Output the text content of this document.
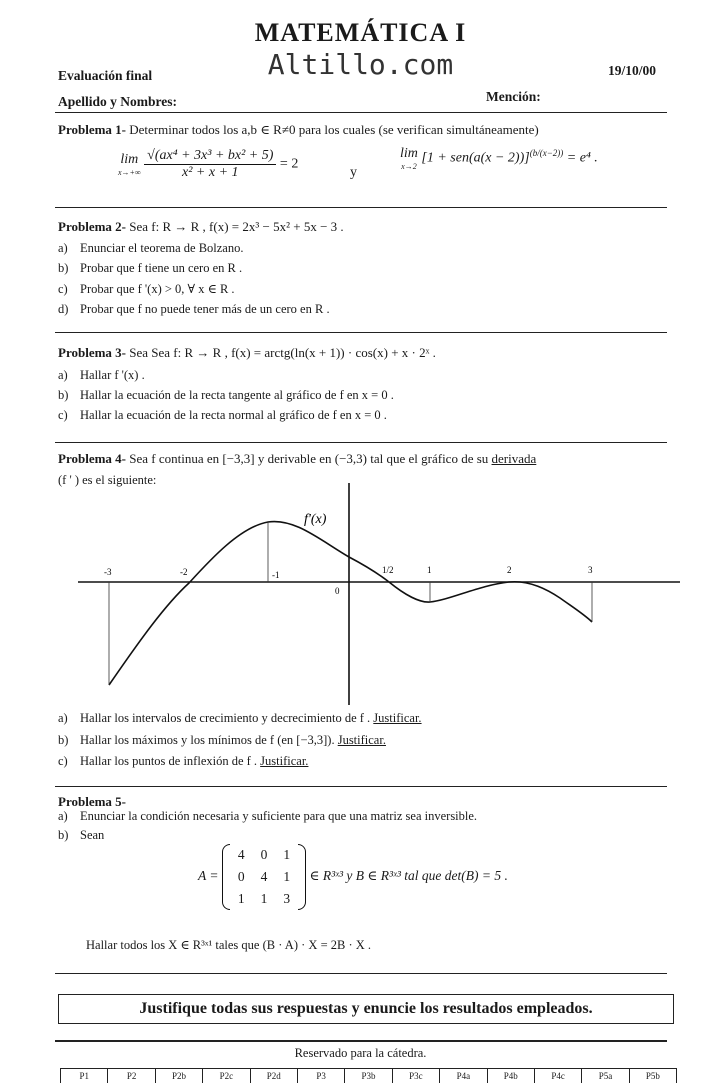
MATEMÁTICA I
Altillo.com
Evaluación final	19/10/00
Apellido y Nombres:	Mención:
Problema 1- Determinar todos los a,b ∈ R≠0 para los cuales (se verifican simultáneamente)
lim
x→+∞
$\frac{\text{√(ax⁴ + 3x³ + bx² + 5)}}{\text{x² + x + 1}} = 2$
y
lim
x→2
$[1 + sen(a(x - 2))]^{(b/(x-2))} = e^4$ .
Problema 2- Sea f: R → R , f(x) = 2x³ − 5x² + 5x − 3 .
a) Enunciar el teorema de Bolzano.
b) Probar que f tiene un cero en R .
c) Probar que f '(x) > 0, ∀ x ∈ R .
d) Probar que f no puede tener más de un cero en R .
Problema 3- Sea Sea f: R → R , f(x) = arctg(ln(x + 1)) · cos(x) + x · 2ˣ .
a) Hallar f '(x) .
b) Hallar la ecuación de la recta tangente al gráfico de f en x = 0 .
c) Hallar la ecuación de la recta normal al gráfico de f en x = 0 .
Problema 4- Sea f continua en [−3,3] y derivable en (−3,3) tal que el gráfico de su derivada
(f ' ) es el siguiente:
f'(x)
0
-3	-2	-1	1/2	1	2	3
a) Hallar los intervalos de crecimiento y decrecimiento de f . Justificar.
b) Hallar los máximos y los mínimos de f (en [−3,3]). Justificar.
c) Hallar los puntos de inflexión de f . Justificar.
Problema 5-
a) Enunciar la condición necesaria y suficiente para que una matriz sea inversible.
b) Sean
A =
4	0	1
0	4	1
1	1	3
∈ R³ˣ³ y B ∈ R³ˣ³ tal que det(B) = 5 .
Hallar todos los X ∈ R³ˣ¹ tales que (B · A) · X = 2B · X .
Justifique todas sus respuestas y enuncie los resultados empleados.
Reservado para la cátedra.
P1	P2	P2b	P2c	P2d	P3	P3b	P3c	P4a	P4b	P4c	P5a	P5b
